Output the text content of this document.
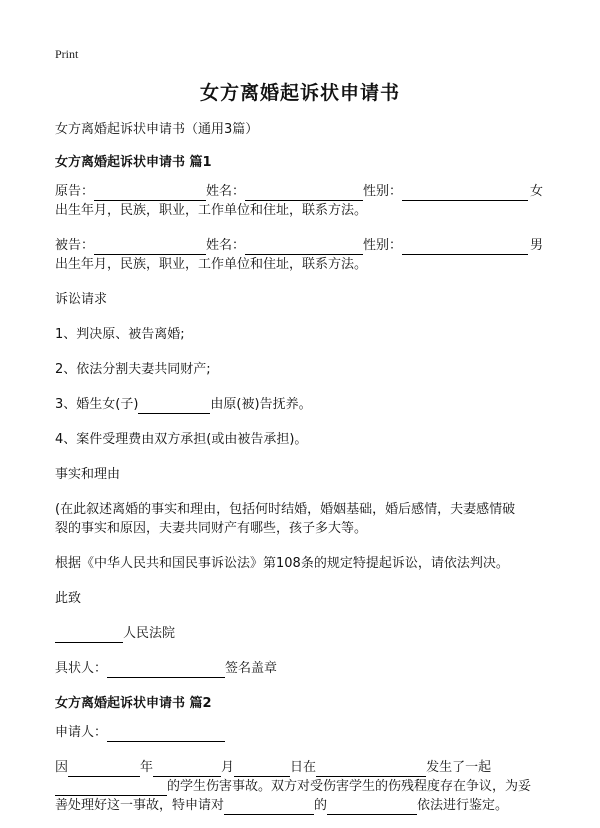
Print
女方离婚起诉状申请书

女方离婚起诉状申请书（通用3篇）

女方离婚起诉状申请书 篇1

原告：	姓名：	性别：	女

出生年月，民族，职业，工作单位和住址，联系方法。

被告：	姓名：	性别：	男

出生年月，民族，职业，工作单位和住址，联系方法。

诉讼请求

1、判决原、被告离婚;

2、依法分割夫妻共同财产;

3、婚生女(子)	由原(被)告抚养。

4、案件受理费由双方承担(或由被告承担)。

事实和理由

(在此叙述离婚的事实和理由，包括何时结婚，婚姻基础，婚后感情，夫妻感情破

裂的事实和原因，夫妻共同财产有哪些，孩子多大等。

根据《中华人民共和国民事诉讼法》第108条的规定特提起诉讼，请依法判决。

此致

人民法院

具状人：	签名盖章

女方离婚起诉状申请书 篇2

申请人：

因	年	月	日在	发生了一起

的学生伤害事故。双方对受伤害学生的伤残程度存在争议，为妥

善处理好这一事故，特申请对	的	依法进行鉴定。
